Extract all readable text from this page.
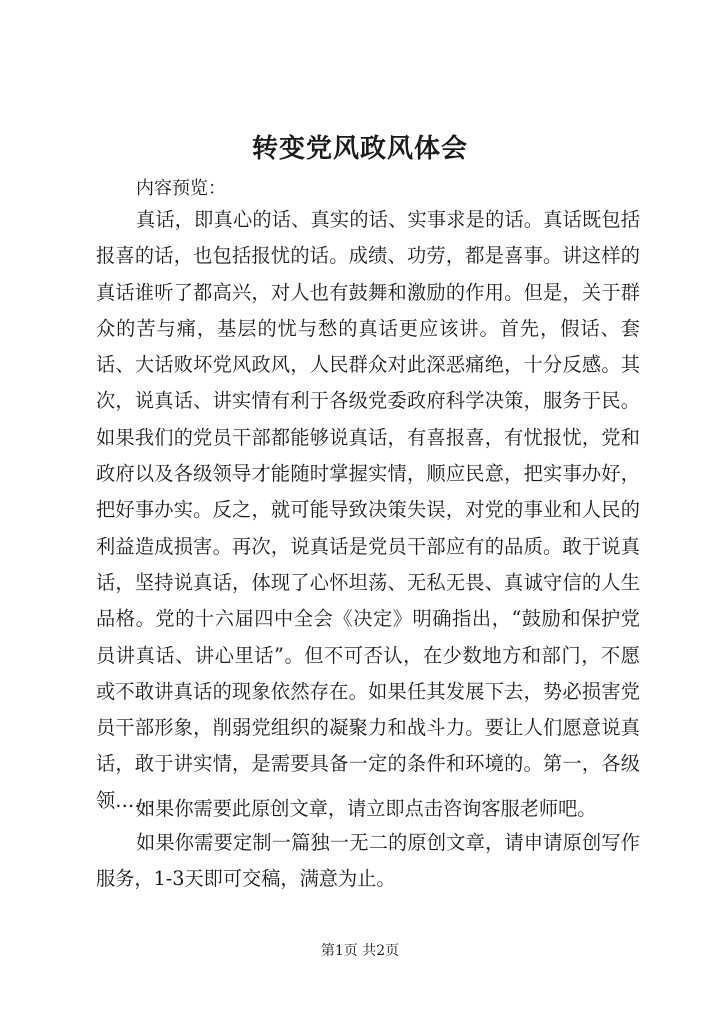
转变党风政风体会
内容预览：

真话，即真心的话、真实的话、实事求是的话。真话既包括报喜的话，也包括报忧的话。成绩、功劳，都是喜事。讲这样的真话谁听了都高兴，对人也有鼓舞和激励的作用。但是，关于群众的苦与痛，基层的忧与愁的真话更应该讲。首先，假话、套话、大话败坏党风政风，人民群众对此深恶痛绝，十分反感。其次，说真话、讲实情有利于各级党委政府科学决策，服务于民。如果我们的党员干部都能够说真话，有喜报喜，有忧报忧，党和政府以及各级领导才能随时掌握实情，顺应民意，把实事办好，把好事办实。反之，就可能导致决策失误，对党的事业和人民的利益造成损害。再次，说真话是党员干部应有的品质。敢于说真话，坚持说真话，体现了心怀坦荡、无私无畏、真诚守信的人生品格。党的十六届四中全会《决定》明确指出，“鼓励和保护党员讲真话、讲心里话”。但不可否认，在少数地方和部门，不愿或不敢讲真话的现象依然存在。如果任其发展下去，势必损害党员干部形象，削弱党组织的凝聚力和战斗力。要让人们愿意说真话，敢于讲实情，是需要具备一定的条件和环境的。第一，各级领……

如果你需要此原创文章，请立即点击咨询客服老师吧。

如果你需要定制一篇独一无二的原创文章，请申请原创写作服务，1-3天即可交稿，满意为止。

第1页 共2页
